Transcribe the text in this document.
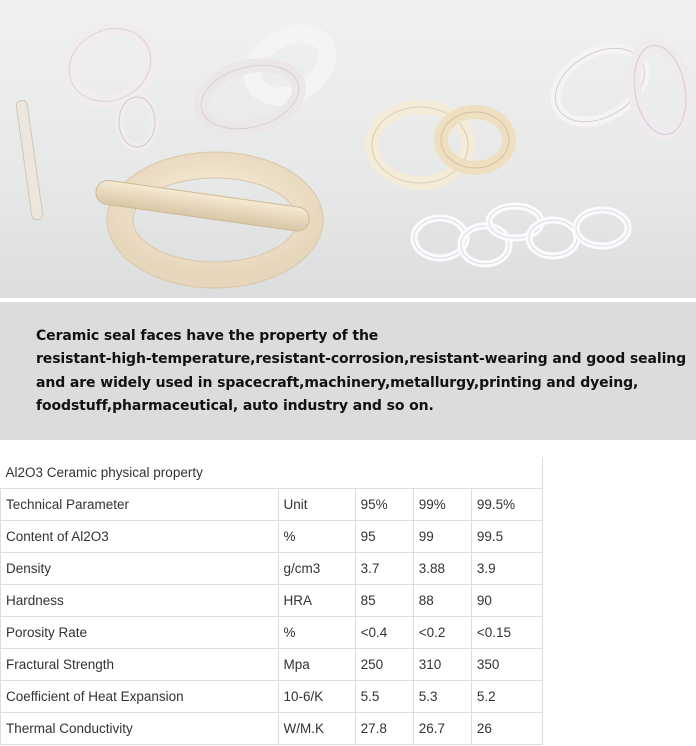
Ceramic seal faces have the property of the
resistant-high-temperature,resistant-corrosion,resistant-wearing and good sealing
and are widely used in spacecraft,machinery,metallurgy,printing and dyeing,
foodstuff,pharmaceutical, auto industry and so on.
Al2O3 Ceramic physical property				
Technical Parameter	Unit	95%	99%	99.5%
Content of Al2O3	%	95	99	99.5
Density	g/cm3	3.7	3.88	3.9
Hardness	HRA	85	88	90
Porosity Rate	%	<0.4	<0.2	<0.15
Fractural Strength	Mpa	250	310	350
Coefficient of Heat Expansion	10-6/K	5.5	5.3	5.2
Thermal Conductivity	W/M.K	27.8	26.7	26
